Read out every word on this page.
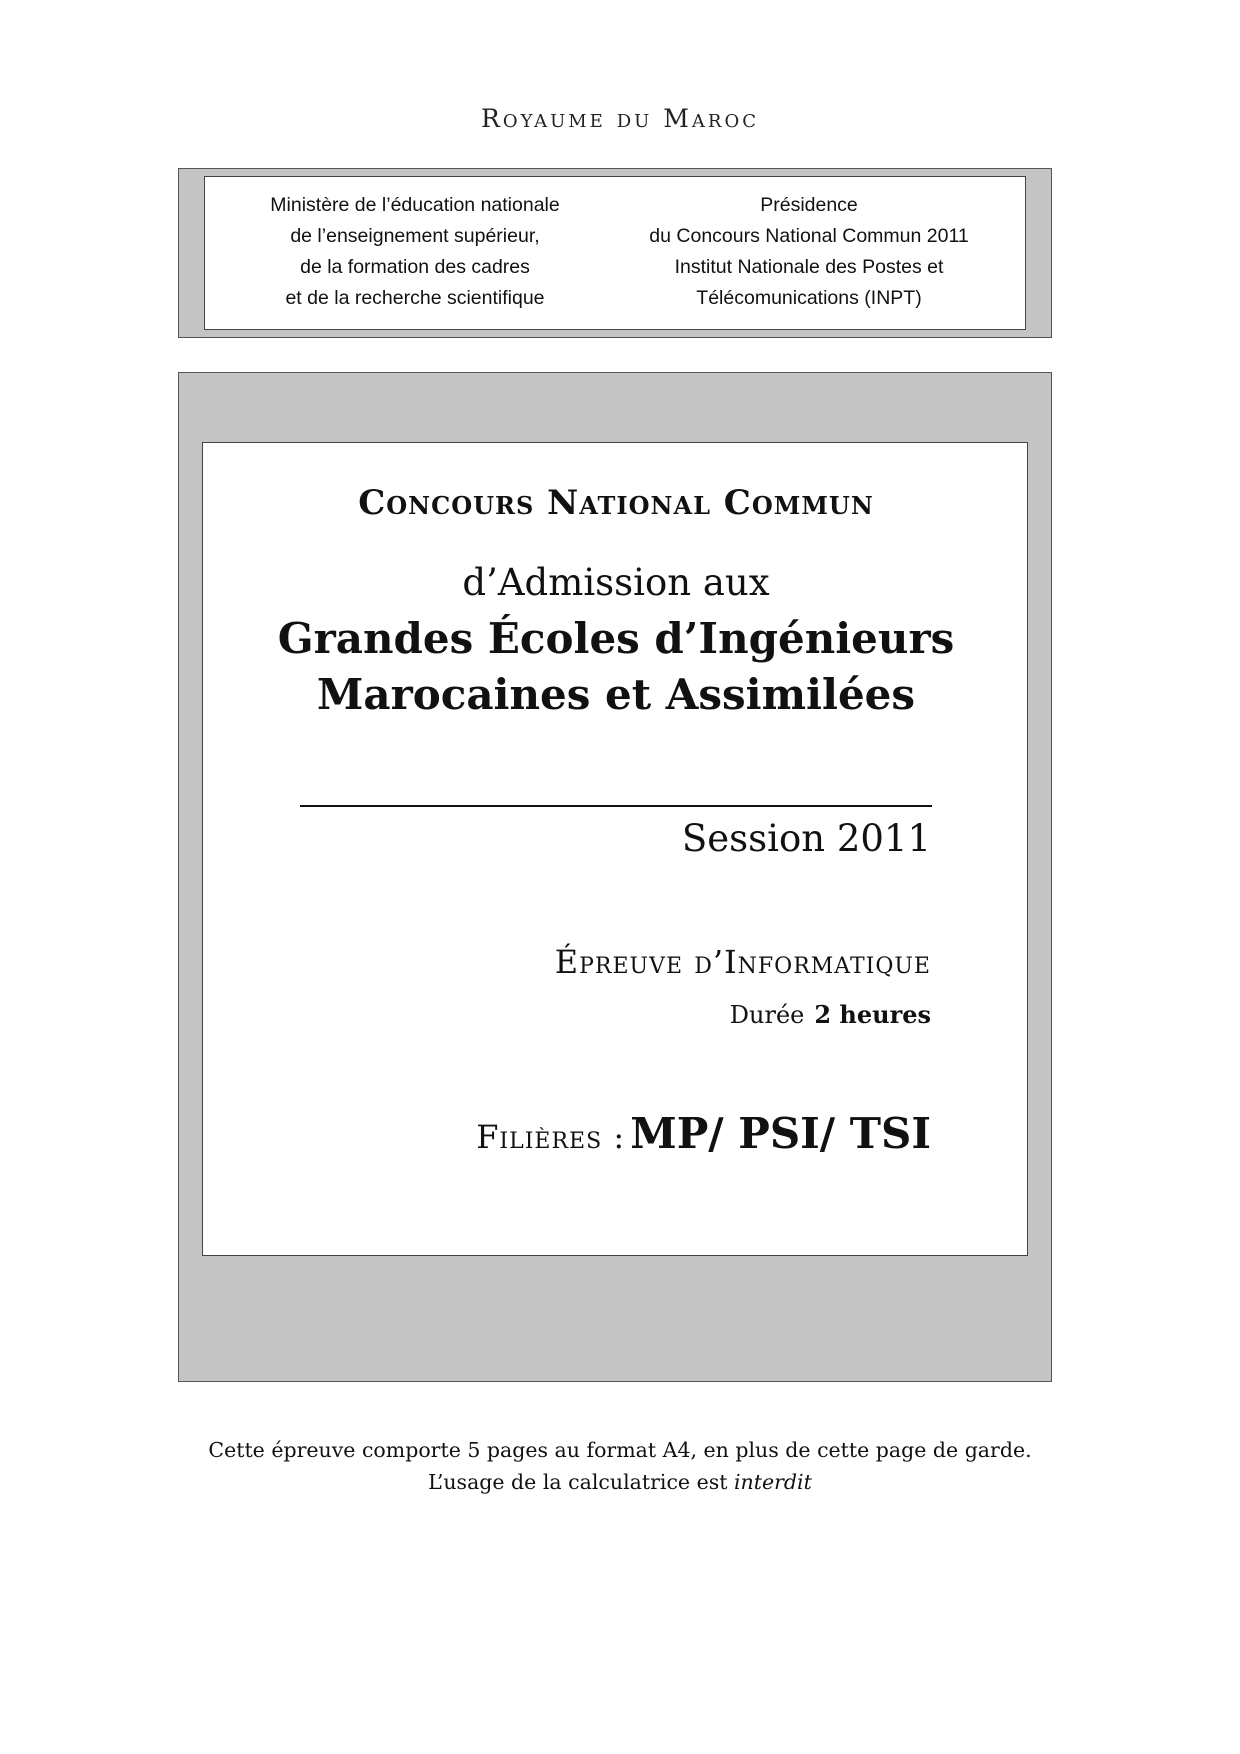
Royaume du Maroc
Ministère de l’éducation nationale
de l’enseignement supérieur,
de la formation des cadres
et de la recherche scientifique
Présidence
du Concours National Commun 2011
Institut Nationale des Postes et
Télécomunications (INPT)
Concours National Commun
d’Admission aux
Grandes Écoles d’Ingénieurs
Marocaines et Assimilées
Session 2011
Épreuve d’Informatique
Durée 2 heures
Filières : MP/ PSI/ TSI
Cette épreuve comporte 5 pages au format A4, en plus de cette page de garde.
L’usage de la calculatrice est interdit
